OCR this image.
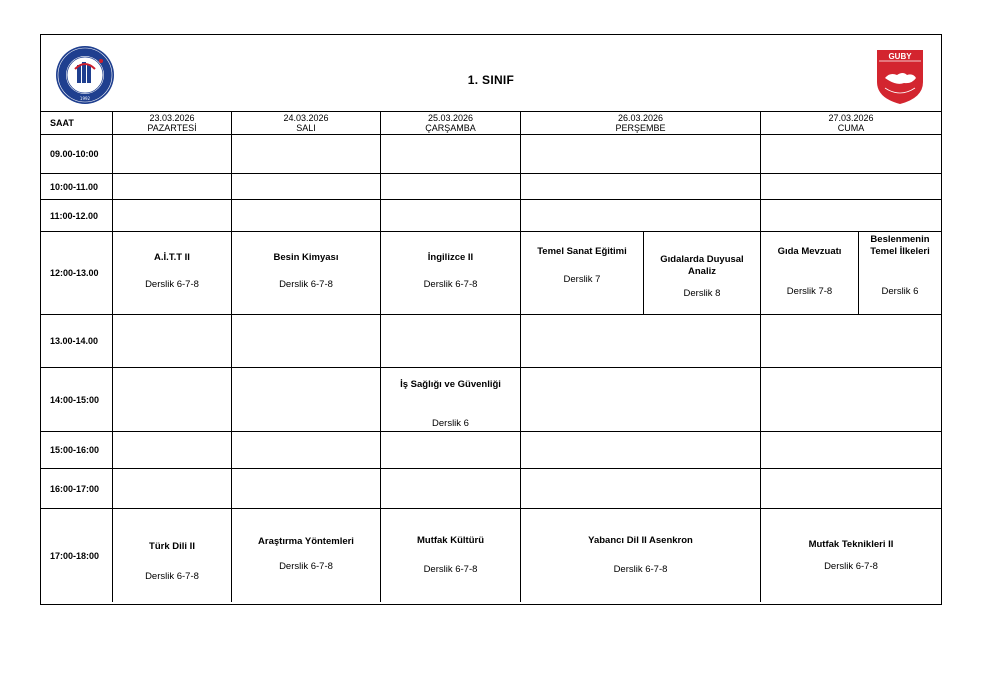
1992
1. SINIF
GUBY
SAAT	23.03.2026
PAZARTESİ
24.03.2026
SALI
25.03.2026
ÇARŞAMBA
26.03.2026
PERŞEMBE
27.03.2026
CUMA
09.00-10:00
10:00-11.00
11:00-12.00
12:00-13.00
A.İ.T.T II
Derslik 6-7-8
Besin Kimyası
Derslik 6-7-8
İngilizce II
Derslik 6-7-8
Temel Sanat Eğitimi
Derslik 7
Gıdalarda Duyusal Analiz
Derslik 8
Gıda Mevzuatı
Derslik 7-8
Beslenmenin Temel İlkeleri
Derslik 6
13.00-14.00
14:00-15:00
İş Sağlığı ve Güvenliği
Derslik 6
15:00-16:00
16:00-17:00
17:00-18:00
Türk Dili II
Derslik 6-7-8
Araştırma Yöntemleri
Derslik 6-7-8
Mutfak Kültürü
Derslik 6-7-8
Yabancı Dil II Asenkron
Derslik 6-7-8
Mutfak Teknikleri II
Derslik 6-7-8
